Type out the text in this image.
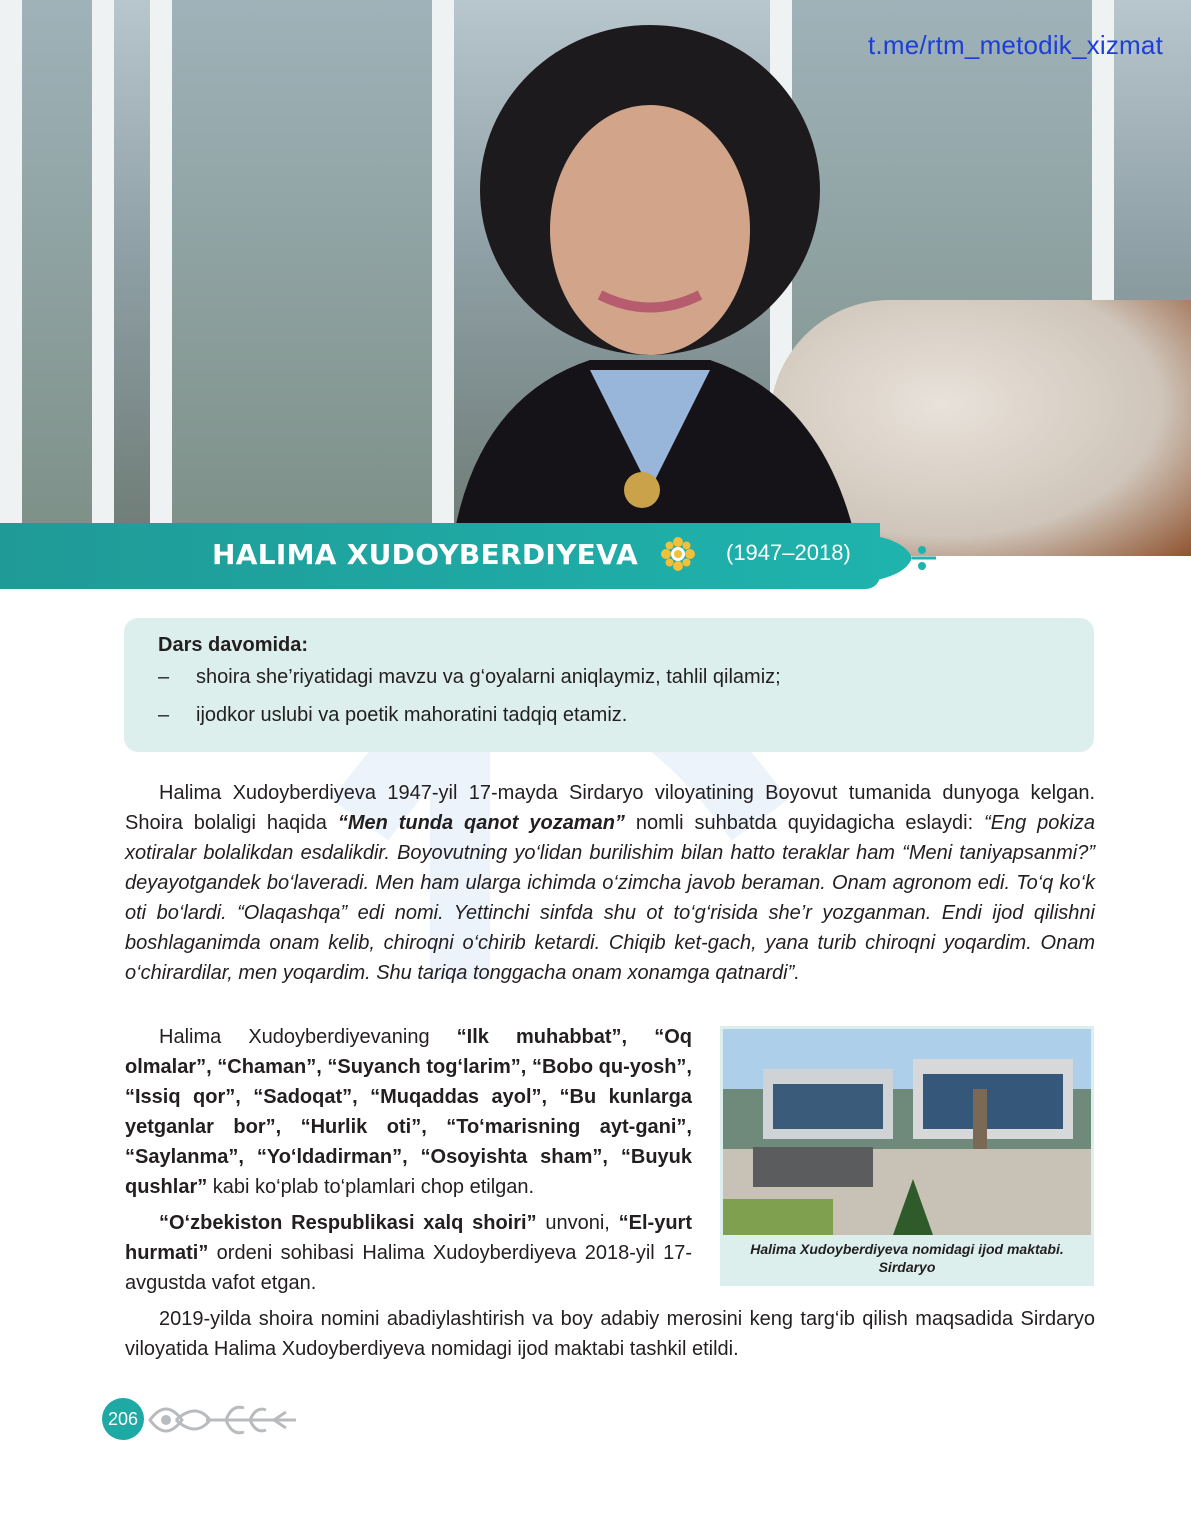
t.me/rtm_metodik_xizmat
HALIMA XUDOYBERDIYEVA	(1947–2018)
Dars davomida:
– shoira she’riyatidagi mavzu va g‘oyalarni aniqlaymiz, tahlil qilamiz;
– ijodkor uslubi va poetik mahoratini tadqiq etamiz.
Halima Xudoyberdiyeva 1947-yil 17-mayda Sirdaryo viloyatining Boyovut tumanida dunyoga kelgan. Shoira bolaligi haqida “Men tunda qanot yozaman” nomli suhbatda quyidagicha eslaydi: “Eng pokiza xotiralar bolalikdan esdalikdir. Boyovutning yo‘lidan burilishim bilan hatto teraklar ham “Meni taniyapsanmi?” deyayotgandek bo‘laveradi. Men ham ularga ichimda o‘zimcha javob beraman. Onam agronom edi. To‘q ko‘k oti bo‘lardi. “Olaqashqa” edi nomi. Yettinchi sinfda shu ot to‘g‘risida she’r yozganman. Endi ijod qilishni boshlaganimda onam kelib, chiroqni o‘chirib ketardi. Chiqib ket-gach, yana turib chiroqni yoqardim. Onam o‘chirardilar, men yoqardim. Shu tariqa tonggacha onam xonamga qatnardi”.
Halima Xudoyberdiyevaning “Ilk muhabbat”, “Oq olmalar”, “Chaman”, “Suyanch tog‘larim”, “Bobo qu-yosh”, “Issiq qor”, “Sadoqat”, “Muqaddas ayol”, “Bu kunlarga yetganlar bor”, “Hurlik oti”, “To‘marisning ayt-gani”, “Saylanma”, “Yo‘ldadirman”, “Osoyishta sham”, “Buyuk qushlar” kabi ko‘plab to‘plamlari chop etilgan.
“O‘zbekiston Respublikasi xalq shoiri” unvoni, “El-yurt hurmati” ordeni sohibasi Halima Xudoyberdiyeva 2018-yil 17-avgustda vafot etgan.
Halima Xudoyberdiyeva nomidagi ijod maktabi.
Sirdaryo
2019-yilda shoira nomini abadiylashtirish va boy adabiy merosini keng targ‘ib qilish maqsadida Sirdaryo viloyatida Halima Xudoyberdiyeva nomidagi ijod maktabi tashkil etildi.
206
